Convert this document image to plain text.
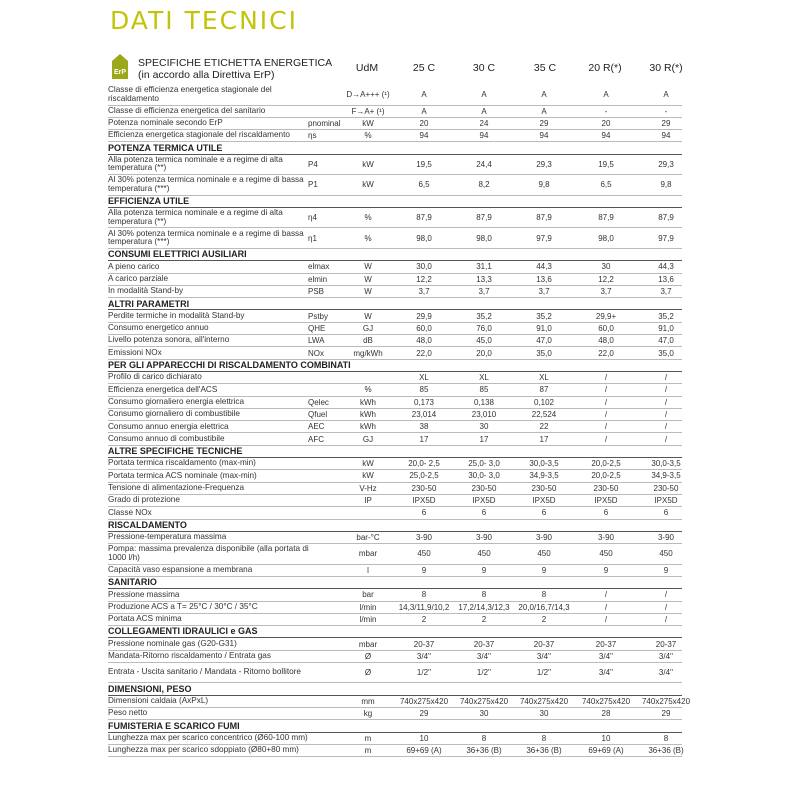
DATI TECNICI
ErP
SPECIFICHE ETICHETTA ENERGETICA
(in accordo alla Direttiva ErP)
UdM	25 C	30 C	35 C	20 R(*)	30 R(*)
Classe di efficienza energetica stagionale del riscaldamento	D→A+++ (¹)	A	A	A	A	A
Classe di efficienza energetica del sanitario	F→A+ (¹)	A	A	A	-	-
Potenza nominale secondo ErP	pnominal	kW	20	24	29	20	29
Efficienza energetica stagionale del riscaldamento	ηs	%	94	94	94	94	94
POTENZA TERMICA UTILE
Alla potenza termica nominale e a regime di alta temperatura (**)	P4	kW	19,5	24,4	29,3	19,5	29,3
Al 30% potenza termica nominale e a regime di bassa temperatura (***)	P1	kW	6,5	8,2	9,8	6,5	9,8
EFFICIENZA UTILE
Alla potenza termica nominale e a regime di alta temperatura (**)	η4	%	87,9	87,9	87,9	87,9	87,9
Al 30% potenza termica nominale e a regime di bassa temperatura (***)	η1	%	98,0	98,0	97,9	98,0	97,9
CONSUMI ELETTRICI AUSILIARI
A pieno carico	elmax	W	30,0	31,1	44,3	30	44,3
A carico parziale	elmin	W	12,2	13,3	13,6	12,2	13,6
In modalità Stand-by	PSB	W	3,7	3,7	3,7	3,7	3,7
ALTRI PARAMETRI
Perdite termiche in modalità Stand-by	Pstby	W	29,9	35,2	35,2	29,9+	35,2
Consumo energetico annuo	QHE	GJ	60,0	76,0	91,0	60,0	91,0
Livello potenza sonora, all'interno	LWA	dB	48,0	45,0	47,0	48,0	47,0
Emissioni NOx	NOx	mg/kWh	22,0	20,0	35,0	22,0	35,0
PER GLI APPARECCHI DI RISCALDAMENTO COMBINATI
Profilo di carico dichiarato	XL	XL	XL	/	/
Efficienza energetica dell'ACS	%	85	85	87	/	/
Consumo giornaliero energia elettrica	Qelec	kWh	0,173	0,138	0,102	/	/
Consumo giornaliero di combustibile	Qfuel	kWh	23,014	23,010	22,524	/	/
Consumo annuo energia elettrica	AEC	kWh	38	30	22	/	/
Consumo annuo di combustibile	AFC	GJ	17	17	17	/	/
ALTRE SPECIFICHE TECNICHE
Portata termica riscaldamento (max-min)	kW	20,0- 2,5	25,0- 3,0	30,0-3,5	20,0-2,5	30,0-3,5
Portata termica ACS nominale (max-min)	kW	25,0-2,5	30,0- 3,0	34,9-3,5	20,0-2,5	34,9-3,5
Tensione di alimentazione-Frequenza	V-Hz	230-50	230-50	230-50	230-50	230-50
Grado di protezione	IP	IPX5D	IPX5D	IPX5D	IPX5D	IPX5D
Classe NOx	6	6	6	6	6
RISCALDAMENTO
Pressione-temperatura massima	bar-°C	3-90	3-90	3-90	3-90	3-90
Pompa: massima prevalenza disponibile (alla portata di 1000 l/h)	mbar	450	450	450	450	450
Capacità vaso espansione a membrana	l	9	9	9	9	9
SANITARIO
Pressione massima	bar	8	8	8	/	/
Produzione ACS a T= 25°C / 30°C / 35°C	l/min	14,3/11,9/10,2	17,2/14,3/12,3	20,0/16,7/14,3	/	/
Portata ACS minima	l/min	2	2	2	/	/
COLLEGAMENTI IDRAULICI e GAS
Pressione nominale gas (G20-G31)	mbar	20-37	20-37	20-37	20-37	20-37
Mandata-Ritorno riscaldamento / Entrata gas	Ø	3/4''	3/4''	3/4''	3/4''	3/4''
Entrata - Uscita sanitario / Mandata - Ritorno bollitore	Ø	1/2''	1/2''	1/2''	3/4''	3/4''
DIMENSIONI, PESO
Dimensioni caldaia (AxPxL)	mm	740x275x420	740x275x420	740x275x420	740x275x420	740x275x420
Peso netto	kg	29	30	30	28	29
FUMISTERIA E SCARICO FUMI
Lunghezza max per scarico concentrico (Ø60-100 mm)	m	10	8	8	10	8
Lunghezza max per scarico sdoppiato (Ø80+80 mm)	m	69+69 (A)	36+36 (B)	36+36 (B)	69+69 (A)	36+36 (B)
